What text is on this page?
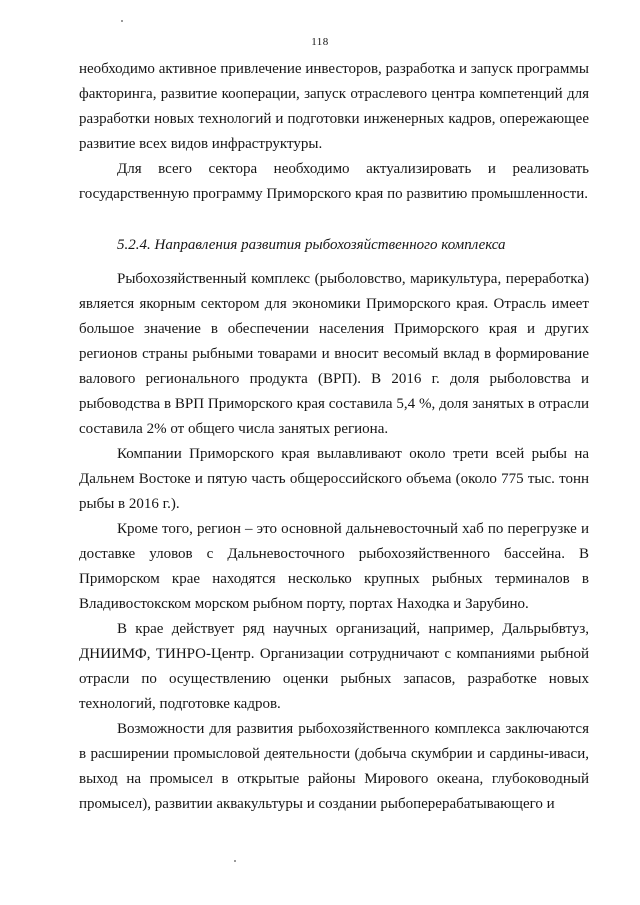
118

необходимо активное привлечение инвесторов, разработка и запуск программы факторинга, развитие кооперации, запуск отраслевого центра компетенций для разработки новых технологий и подготовки инженерных кадров, опережающее развитие всех видов инфраструктуры.

Для всего сектора необходимо актуализировать и реализовать государственную программу Приморского края по развитию промышленности.

5.2.4. Направления развития рыбохозяйственного комплекса

Рыбохозяйственный комплекс (рыболовство, марикультура, переработка) является якорным сектором для экономики Приморского края. Отрасль имеет большое значение в обеспечении населения Приморского края и других регионов страны рыбными товарами и вносит весомый вклад в формирование валового регионального продукта (ВРП). В 2016 г. доля рыболовства и рыбоводства в ВРП Приморского края составила 5,4 %, доля занятых в отрасли составила 2% от общего числа занятых региона.

Компании Приморского края вылавливают около трети всей рыбы на Дальнем Востоке и пятую часть общероссийского объема (около 775 тыс. тонн рыбы в 2016 г.).

Кроме того, регион – это основной дальневосточный хаб по перегрузке и доставке уловов с Дальневосточного рыбохозяйственного бассейна. В Приморском крае находятся несколько крупных рыбных терминалов в Владивостокском морском рыбном порту, портах Находка и Зарубино.

В крае действует ряд научных организаций, например, Дальрыбвтуз, ДНИИМФ, ТИНРО-Центр. Организации сотрудничают с компаниями рыбной отрасли по осуществлению оценки рыбных запасов, разработке новых технологий, подготовке кадров.

Возможности для развития рыбохозяйственного комплекса заключаются в расширении промысловой деятельности (добыча скумбрии и сардины-иваси, выход на промысел в открытые районы Мирового океана, глубоководный промысел), развитии аквакультуры и создании рыбоперерабатывающего и
